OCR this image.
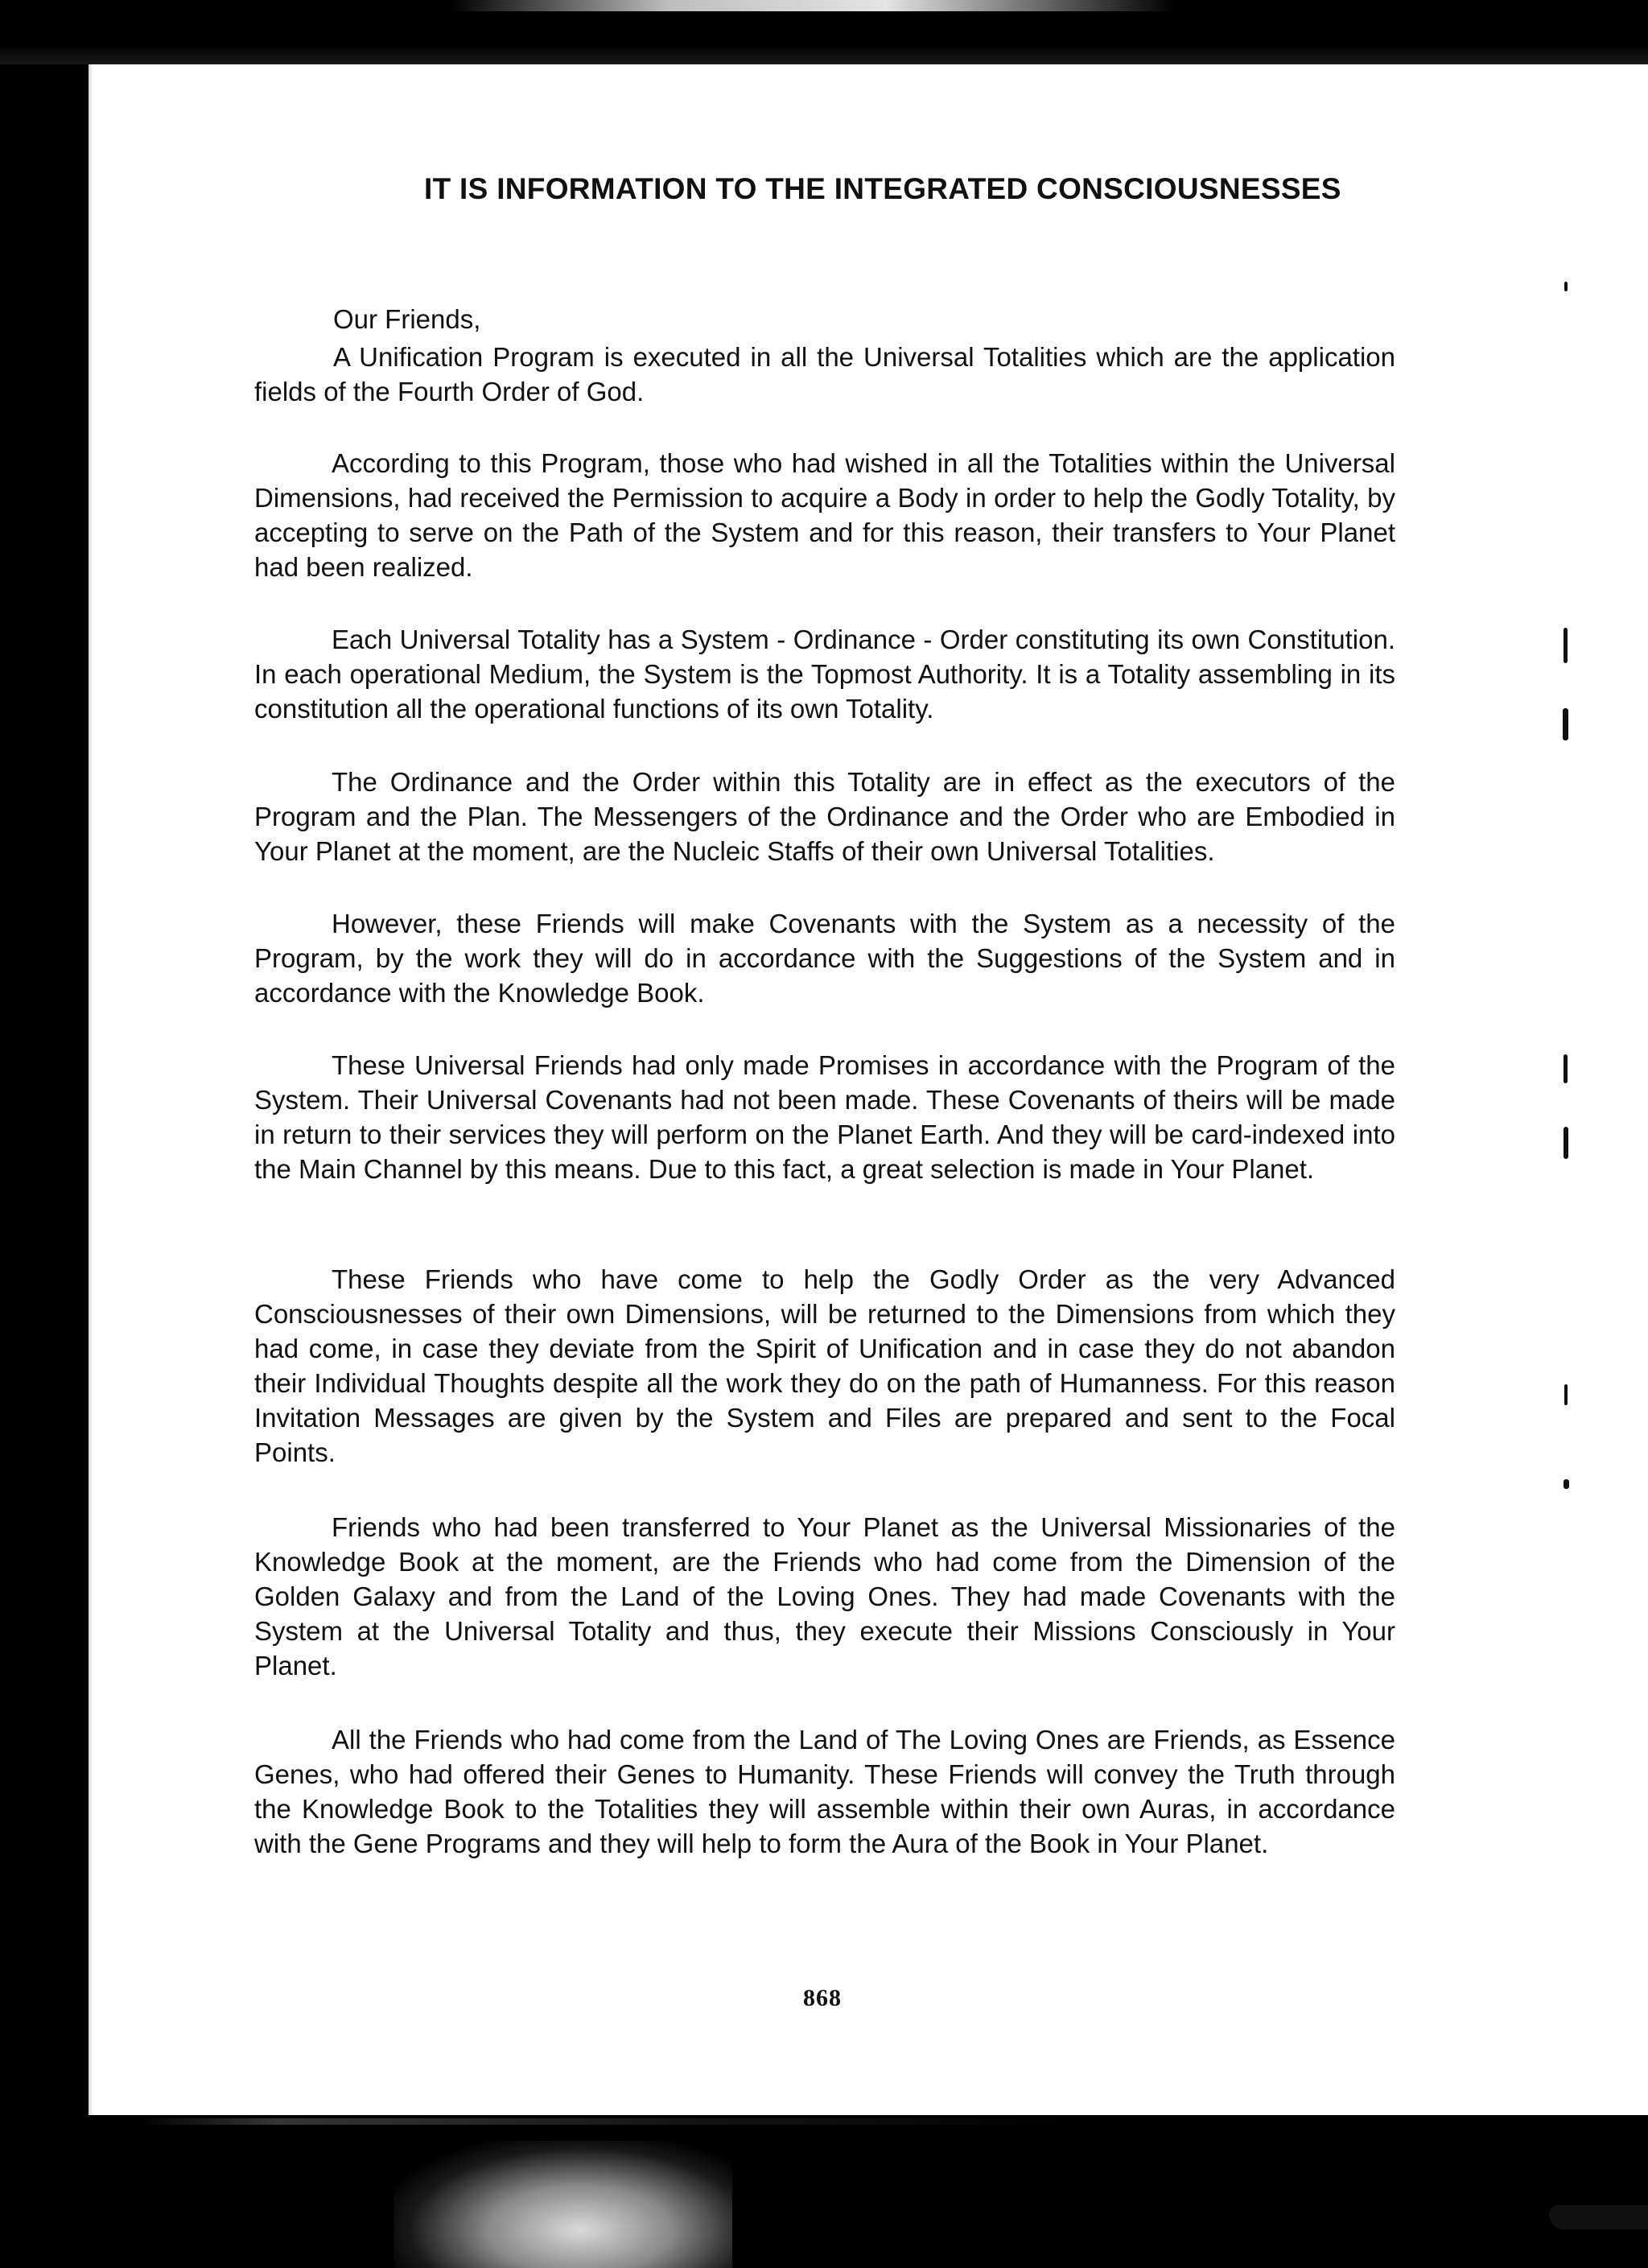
IT IS INFORMATION TO THE INTEGRATED CONSCIOUSNESSES
Our Friends,

A Unification Program is executed in all the Universal Totalities which are the application fields of the Fourth Order of God.

According to this Program, those who had wished in all the Totalities within the Universal Dimensions, had received the Permission to acquire a Body in order to help the Godly Totality, by accepting to serve on the Path of the System and for this reason, their transfers to Your Planet had been realized.

Each Universal Totality has a System - Ordinance - Order constituting its own Constitution. In each operational Medium, the System is the Topmost Authority. It is a Totality assembling in its constitution all the operational functions of its own Totality.

The Ordinance and the Order within this Totality are in effect as the executors of the Program and the Plan. The Messengers of the Ordinance and the Order who are Embodied in Your Planet at the moment, are the Nucleic Staffs of their own Universal Totalities.

However, these Friends will make Covenants with the System as a necessity of the Program, by the work they will do in accordance with the Suggestions of the System and in accordance with the Knowledge Book.

These Universal Friends had only made Promises in accordance with the Program of the System. Their Universal Covenants had not been made. These Covenants of theirs will be made in return to their services they will perform on the Planet Earth. And they will be card-indexed into the Main Channel by this means. Due to this fact, a great selection is made in Your Planet.

These Friends who have come to help the Godly Order as the very Advanced Consciousnesses of their own Dimensions, will be returned to the Dimensions from which they had come, in case they deviate from the Spirit of Unification and in case they do not abandon their Individual Thoughts despite all the work they do on the path of Humanness. For this reason Invitation Messages are given by the System and Files are prepared and sent to the Focal Points.

Friends who had been transferred to Your Planet as the Universal Missionaries of the Knowledge Book at the moment, are the Friends who had come from the Dimension of the Golden Galaxy and from the Land of the Loving Ones. They had made Covenants with the System at the Universal Totality and thus, they execute their Missions Consciously in Your Planet.

All the Friends who had come from the Land of The Loving Ones are Friends, as Essence Genes, who had offered their Genes to Humanity. These Friends will convey the Truth through the Knowledge Book to the Totalities they will assemble within their own Auras, in accordance with the Gene Programs and they will help to form the Aura of the Book in Your Planet.

868
